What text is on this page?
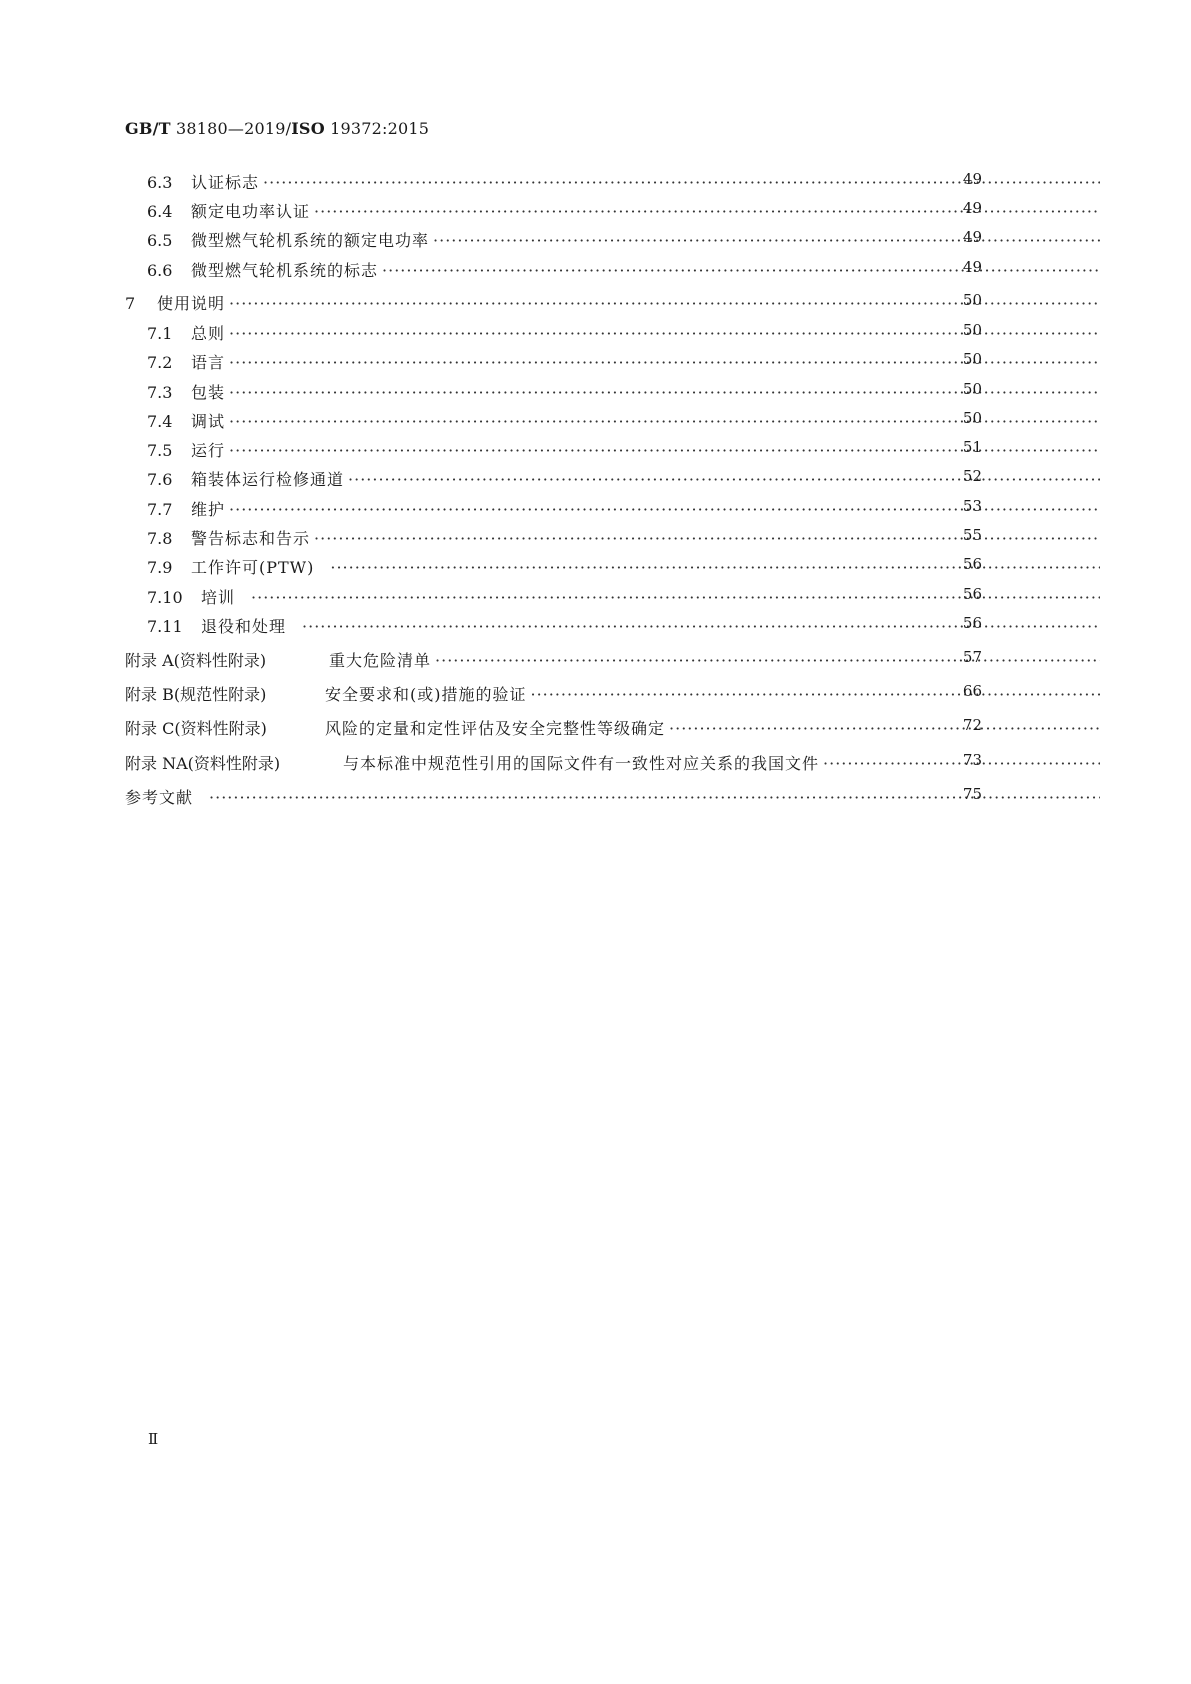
GB/T 38180—2019/ISO 19372:2015
6.3	认证标志 ·····	49
6.4	额定电功率认证 ·····	49
6.5	微型燃气轮机系统的额定电功率 ·····	49
6.6	微型燃气轮机系统的标志 ·····	49
7	使用说明 ·····	50
7.1	总则 ·····	50
7.2	语言 ·····	50
7.3	包装 ·····	50
7.4	调试 ·····	50
7.5	运行 ·····	51
7.6	箱装体运行检修通道 ·····	52
7.7	维护 ·····	53
7.8	警告标志和告示 ·····	55
7.9	工作许可(PTW) ·····	56
7.10	培训 ·····	56
7.11	退役和处理 ·····	56
附录 A(资料性附录)	重大危险清单 ·····	57
附录 B(规范性附录)	安全要求和(或)措施的验证 ·····	66
附录 C(资料性附录)	风险的定量和定性评估及安全完整性等级确定 ·····	72
附录 NA(资料性附录)	与本标准中规范性引用的国际文件有一致性对应关系的我国文件 ·····	73
参考文献 ·····	75
Ⅱ
